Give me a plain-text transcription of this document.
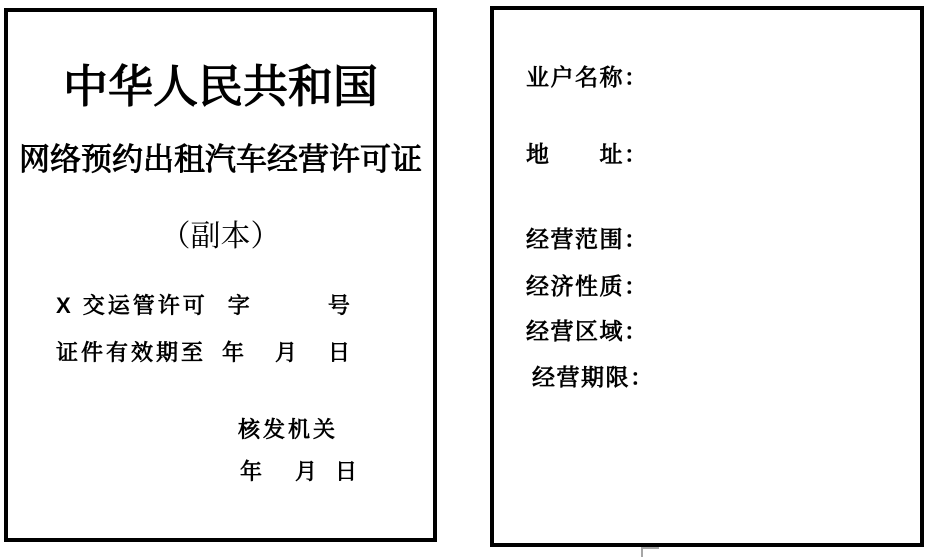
中华人民共和国
网络预约出租汽车经营许可证
（副本）
X 交运管许可 字	号
证件有效期至 年 月 日
核发机关
年 月 日
业户名称：
地　　址：
经营范围：
经济性质：
经营区域：
经营期限：
